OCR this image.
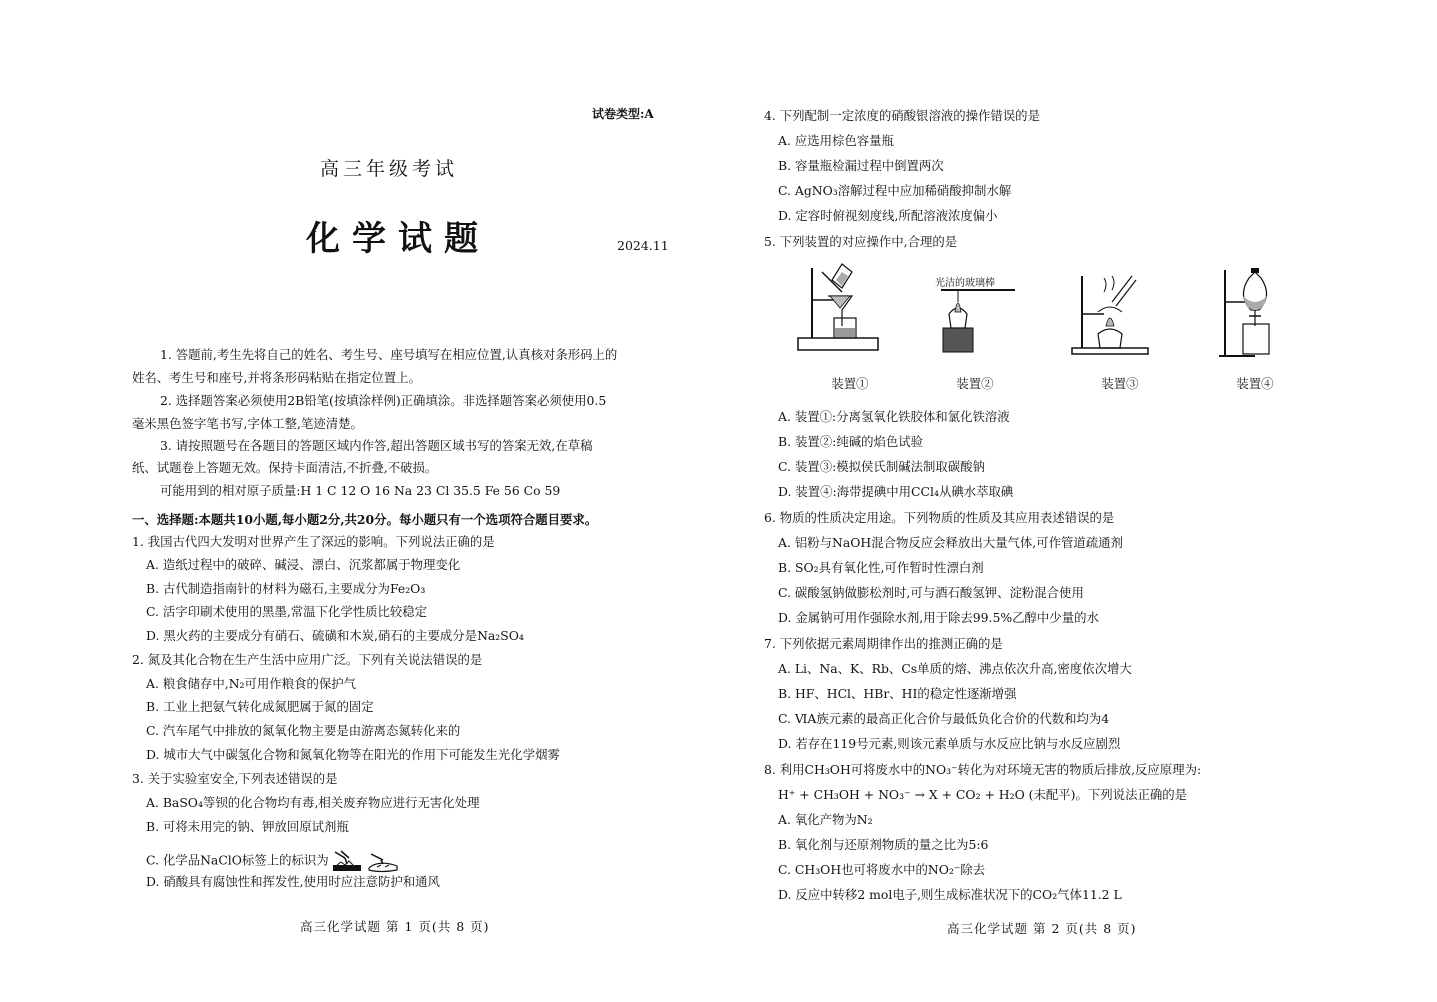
试卷类型:A
高三年级考试
化学试题	2024.11
1. 答题前,考生先将自己的姓名、考生号、座号填写在相应位置,认真核对条形码上的
姓名、考生号和座号,并将条形码粘贴在指定位置上。
2. 选择题答案必须使用2B铅笔(按填涂样例)正确填涂。非选择题答案必须使用0.5
毫米黑色签字笔书写,字体工整,笔迹清楚。
3. 请按照题号在各题目的答题区域内作答,超出答题区域书写的答案无效,在草稿
纸、试题卷上答题无效。保持卡面清洁,不折叠,不破损。
可能用到的相对原子质量:H 1 C 12 O 16 Na 23 Cl 35.5 Fe 56 Co 59
一、选择题:本题共10小题,每小题2分,共20分。每小题只有一个选项符合题目要求。
1. 我国古代四大发明对世界产生了深远的影响。下列说法正确的是
A. 造纸过程中的破碎、碱浸、漂白、沉浆都属于物理变化
B. 古代制造指南针的材料为磁石,主要成分为Fe₂O₃
C. 活字印刷术使用的黑墨,常温下化学性质比较稳定
D. 黑火药的主要成分有硝石、硫磺和木炭,硝石的主要成分是Na₂SO₄
2. 氮及其化合物在生产生活中应用广泛。下列有关说法错误的是
A. 粮食储存中,N₂可用作粮食的保护气
B. 工业上把氨气转化成氮肥属于氮的固定
C. 汽车尾气中排放的氮氧化物主要是由游离态氮转化来的
D. 城市大气中碳氢化合物和氮氧化物等在阳光的作用下可能发生光化学烟雾
3. 关于实验室安全,下列表述错误的是
A. BaSO₄等钡的化合物均有毒,相关废弃物应进行无害化处理
B. 可将未用完的钠、钾放回原试剂瓶
C. 化学品NaClO标签上的标识为
D. 硝酸具有腐蚀性和挥发性,使用时应注意防护和通风
高三化学试题 第 1 页(共 8 页)
4. 下列配制一定浓度的硝酸银溶液的操作错误的是
A. 应选用棕色容量瓶
B. 容量瓶检漏过程中倒置两次
C. AgNO₃溶解过程中应加稀硝酸抑制水解
D. 定容时俯视刻度线,所配溶液浓度偏小
5. 下列装置的对应操作中,合理的是
装置①
光洁的玻璃棒
装置②	装置③	装置④
A. 装置①:分离氢氧化铁胶体和氯化铁溶液
B. 装置②:纯碱的焰色试验
C. 装置③:模拟侯氏制碱法制取碳酸钠
D. 装置④:海带提碘中用CCl₄从碘水萃取碘
6. 物质的性质决定用途。下列物质的性质及其应用表述错误的是
A. 铝粉与NaOH混合物反应会释放出大量气体,可作管道疏通剂
B. SO₂具有氧化性,可作暂时性漂白剂
C. 碳酸氢钠做膨松剂时,可与酒石酸氢钾、淀粉混合使用
D. 金属钠可用作强除水剂,用于除去99.5%乙醇中少量的水
7. 下列依据元素周期律作出的推测正确的是
A. Li、Na、K、Rb、Cs单质的熔、沸点依次升高,密度依次增大
B. HF、HCl、HBr、HI的稳定性逐渐增强
C. ⅥA族元素的最高正化合价与最低负化合价的代数和均为4
D. 若存在119号元素,则该元素单质与水反应比钠与水反应剧烈
8. 利用CH₃OH可将废水中的NO₃⁻转化为对环境无害的物质后排放,反应原理为:
H⁺ + CH₃OH + NO₃⁻ → X + CO₂ + H₂O (未配平)。下列说法正确的是
A. 氧化产物为N₂
B. 氧化剂与还原剂物质的量之比为5:6
C. CH₃OH也可将废水中的NO₂⁻除去
D. 反应中转移2 mol电子,则生成标准状况下的CO₂气体11.2 L
高三化学试题 第 2 页(共 8 页)
